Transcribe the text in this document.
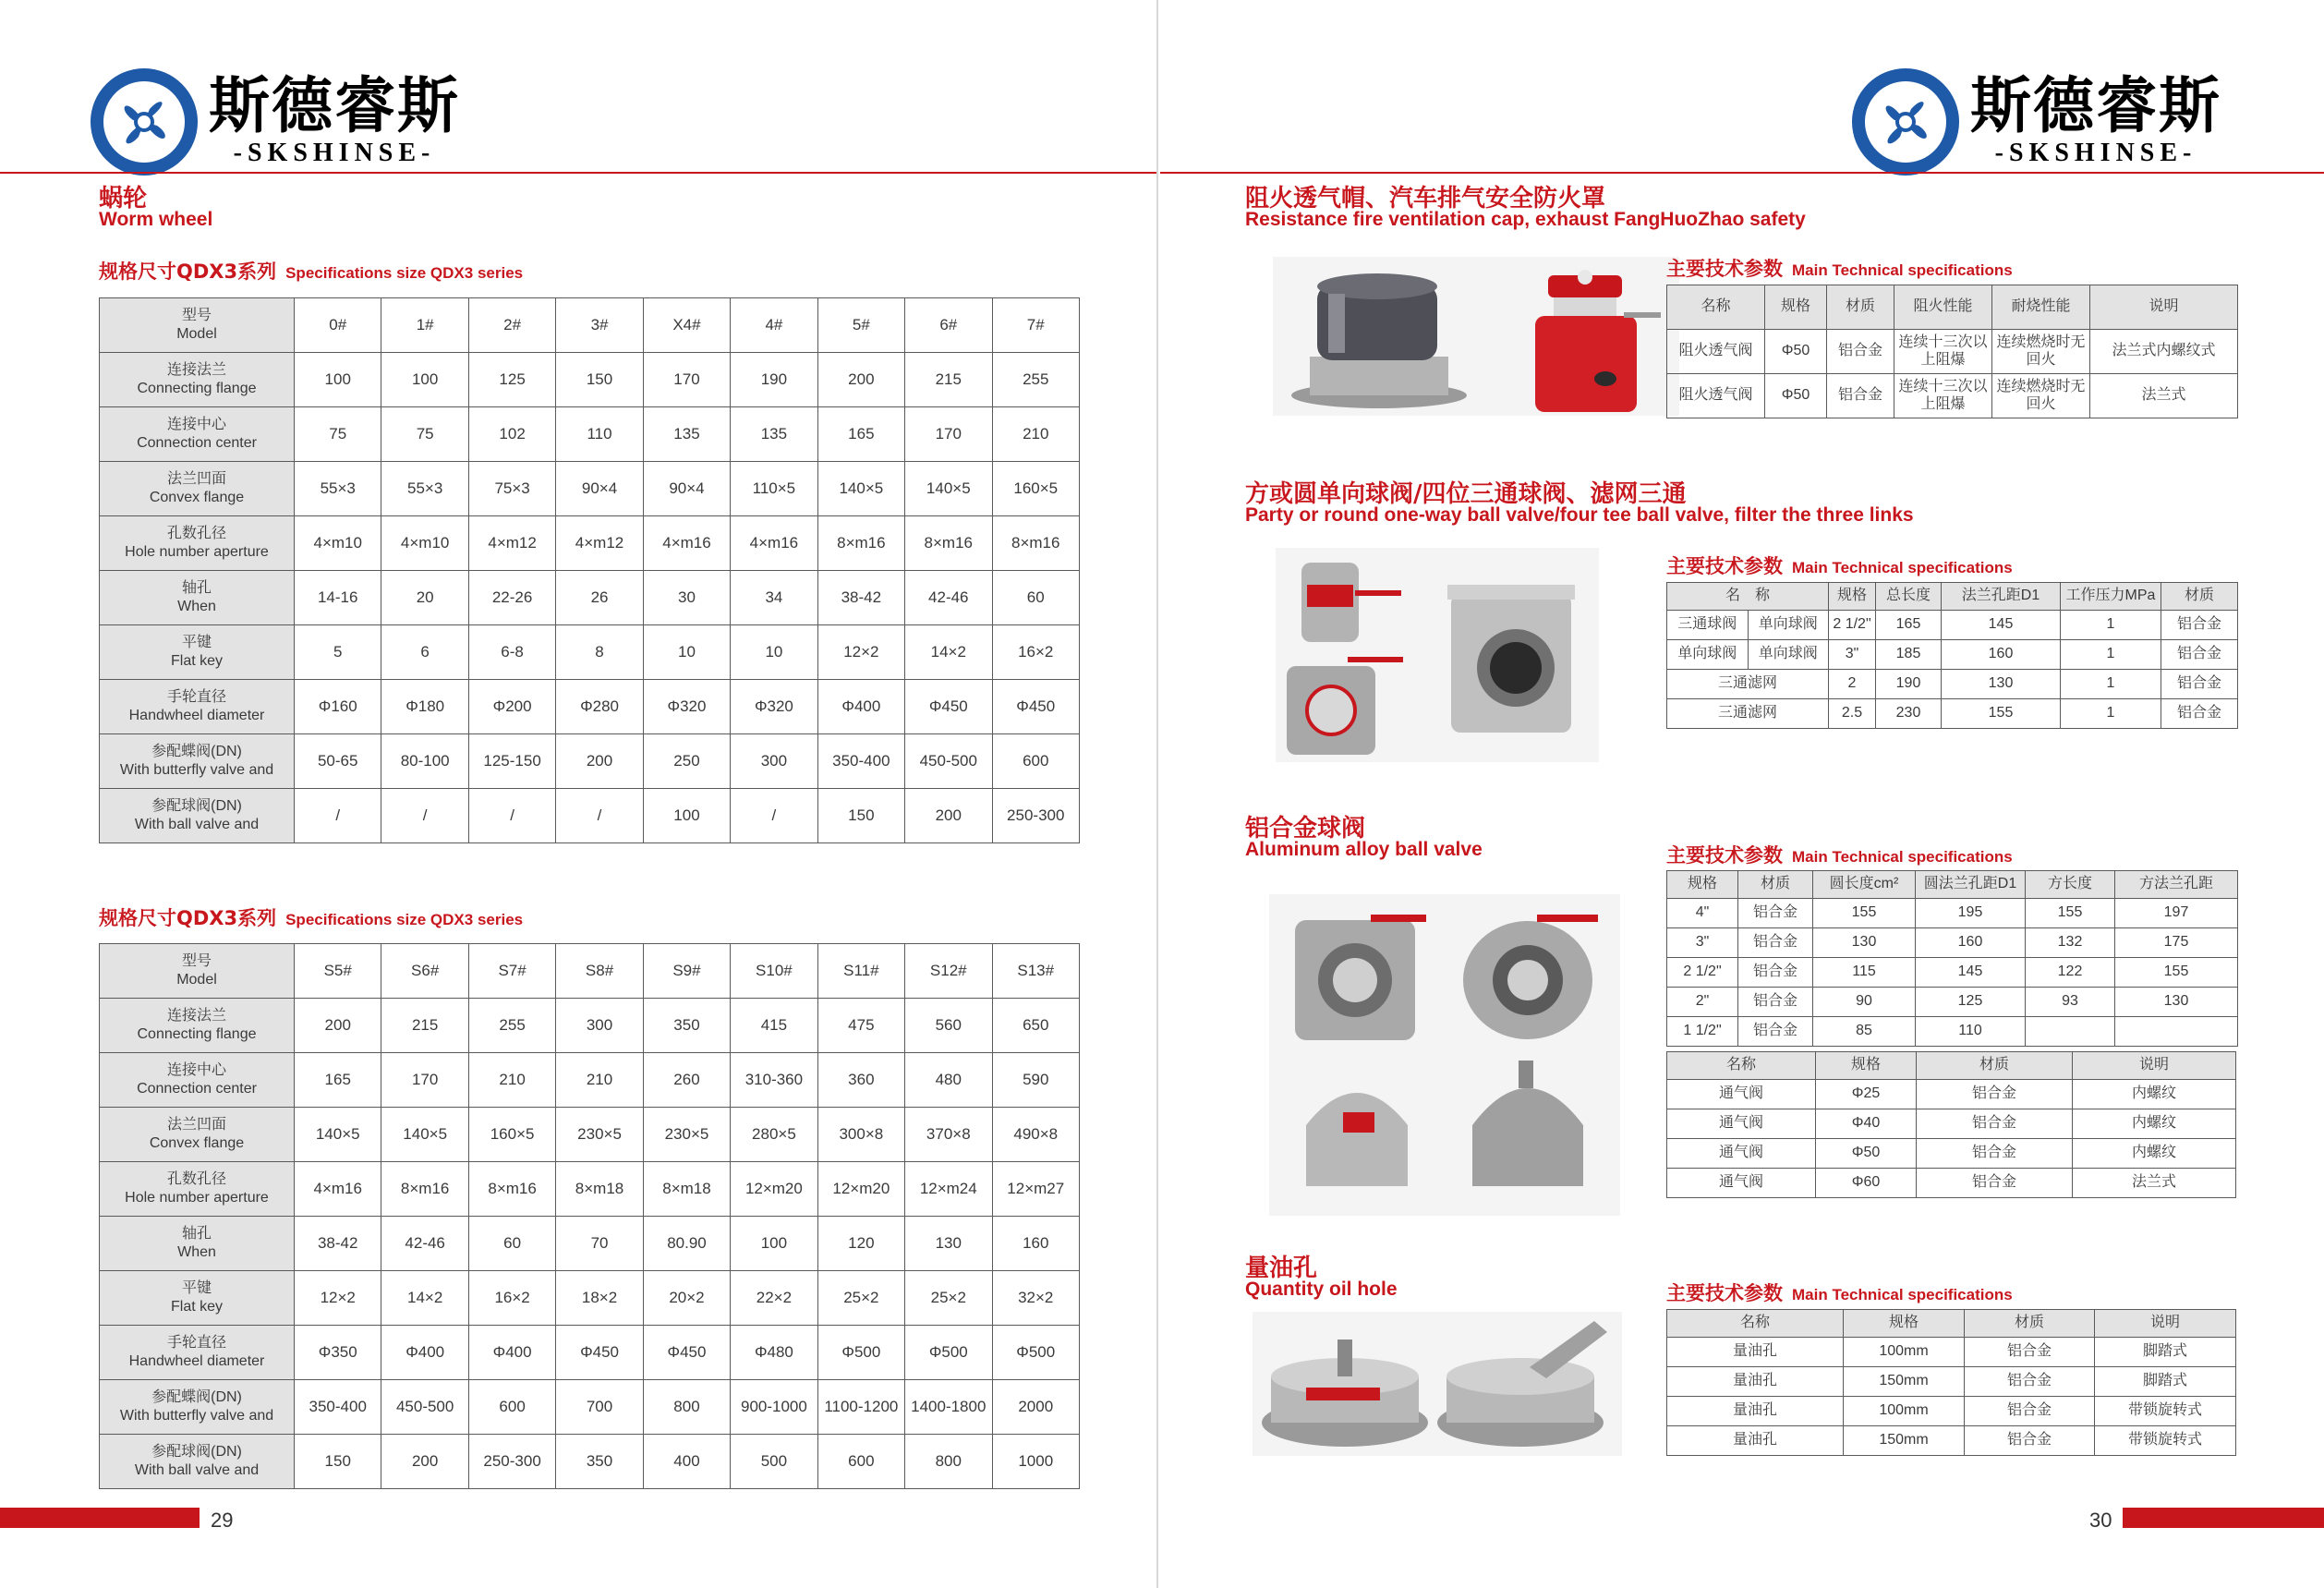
斯德睿斯
-SKSHINSE-
蜗轮
Worm wheel
规格尺寸QDX3系列 Specifications size QDX3 series
型号
Model	0#	1#	2#	3#	X4#	4#	5#	6#	7#

连接法兰
Connecting flange	100	100	125	150	170	190	200	215	255

连接中心
Connection center	75	75	102	110	135	135	165	170	210

法兰凹面
Convex flange	55×3	55×3	75×3	90×4	90×4	110×5	140×5	140×5	160×5

孔数孔径
Hole number aperture	4×m10	4×m10	4×m12	4×m12	4×m16	4×m16	8×m16	8×m16	8×m16

轴孔
When	14-16	20	22-26	26	30	34	38-42	42-46	60

平键
Flat key	5	6	6-8	8	10	10	12×2	14×2	16×2

手轮直径
Handwheel diameter	Φ160	Φ180	Φ200	Φ280	Φ320	Φ320	Φ400	Φ450	Φ450

参配蝶阀(DN)
With butterfly valve and	50-65	80-100	125-150	200	250	300	350-400	450-500	600

参配球阀(DN)
With ball valve and	/	/	/	/	100	/	150	200	250-300
规格尺寸QDX3系列 Specifications size QDX3 series
型号
Model	S5#	S6#	S7#	S8#	S9#	S10#	S11#	S12#	S13#

连接法兰
Connecting flange	200	215	255	300	350	415	475	560	650

连接中心
Connection center	165	170	210	210	260	310-360	360	480	590

法兰凹面
Convex flange	140×5	140×5	160×5	230×5	230×5	280×5	300×8	370×8	490×8

孔数孔径
Hole number aperture	4×m16	8×m16	8×m16	8×m18	8×m18	12×m20	12×m20	12×m24	12×m27

轴孔
When	38-42	42-46	60	70	80.90	100	120	130	160

平键
Flat key	12×2	14×2	16×2	18×2	20×2	22×2	25×2	25×2	32×2

手轮直径
Handwheel diameter	Φ350	Φ400	Φ400	Φ450	Φ450	Φ480	Φ500	Φ500	Φ500

参配蝶阀(DN)
With butterfly valve and	350-400	450-500	600	700	800	900-1000	1100-1200	1400-1800	2000

参配球阀(DN)
With ball valve and	150	200	250-300	350	400	500	600	800	1000
29
斯德睿斯
-SKSHINSE-
阻火透气帽、汽车排气安全防火罩
Resistance fire ventilation cap, exhaust FangHuoZhao safety
主要技术参数 Main Technical specifications
名称	规格	材质	阻火性能	耐烧性能	说明
阻火透气阀	Φ50	铝合金	连续十三次以上阻爆	连续燃烧时无回火	法兰式内螺纹式
阻火透气阀	Φ50	铝合金	连续十三次以上阻爆	连续燃烧时无回火	法兰式
方或圆单向球阀/四位三通球阀、滤网三通
Party or round one-way ball valve/four tee ball valve, filter the three links
主要技术参数 Main Technical specifications
名　称		规格	总长度	法兰孔距D1	工作压力MPa	材质
三通球阀	单向球阀	2 1/2"	165	145	1	铝合金
单向球阀	单向球阀	3"	185	160	1	铝合金
三通滤网		2	190	130	1	铝合金
三通滤网		2.5	230	155	1	铝合金
铝合金球阀
Aluminum alloy ball valve	主要技术参数 Main Technical specifications
规格	材质	圆长度cm²	圆法兰孔距D1	方长度	方法兰孔距
4"	铝合金	155	195	155	197
3"	铝合金	130	160	132	175
2 1/2"	铝合金	115	145	122	155
2"	铝合金	90	125	93	130
1 1/2"	铝合金	85	110		
名称	规格	材质	说明
通气阀	Φ25	铝合金	内螺纹
通气阀	Φ40	铝合金	内螺纹
通气阀	Φ50	铝合金	内螺纹
通气阀	Φ60	铝合金	法兰式
量油孔
Quantity oil hole	主要技术参数 Main Technical specifications
名称	规格	材质	说明
量油孔	100mm	铝合金	脚踏式
量油孔	150mm	铝合金	脚踏式
量油孔	100mm	铝合金	带锁旋转式
量油孔	150mm	铝合金	带锁旋转式
30
